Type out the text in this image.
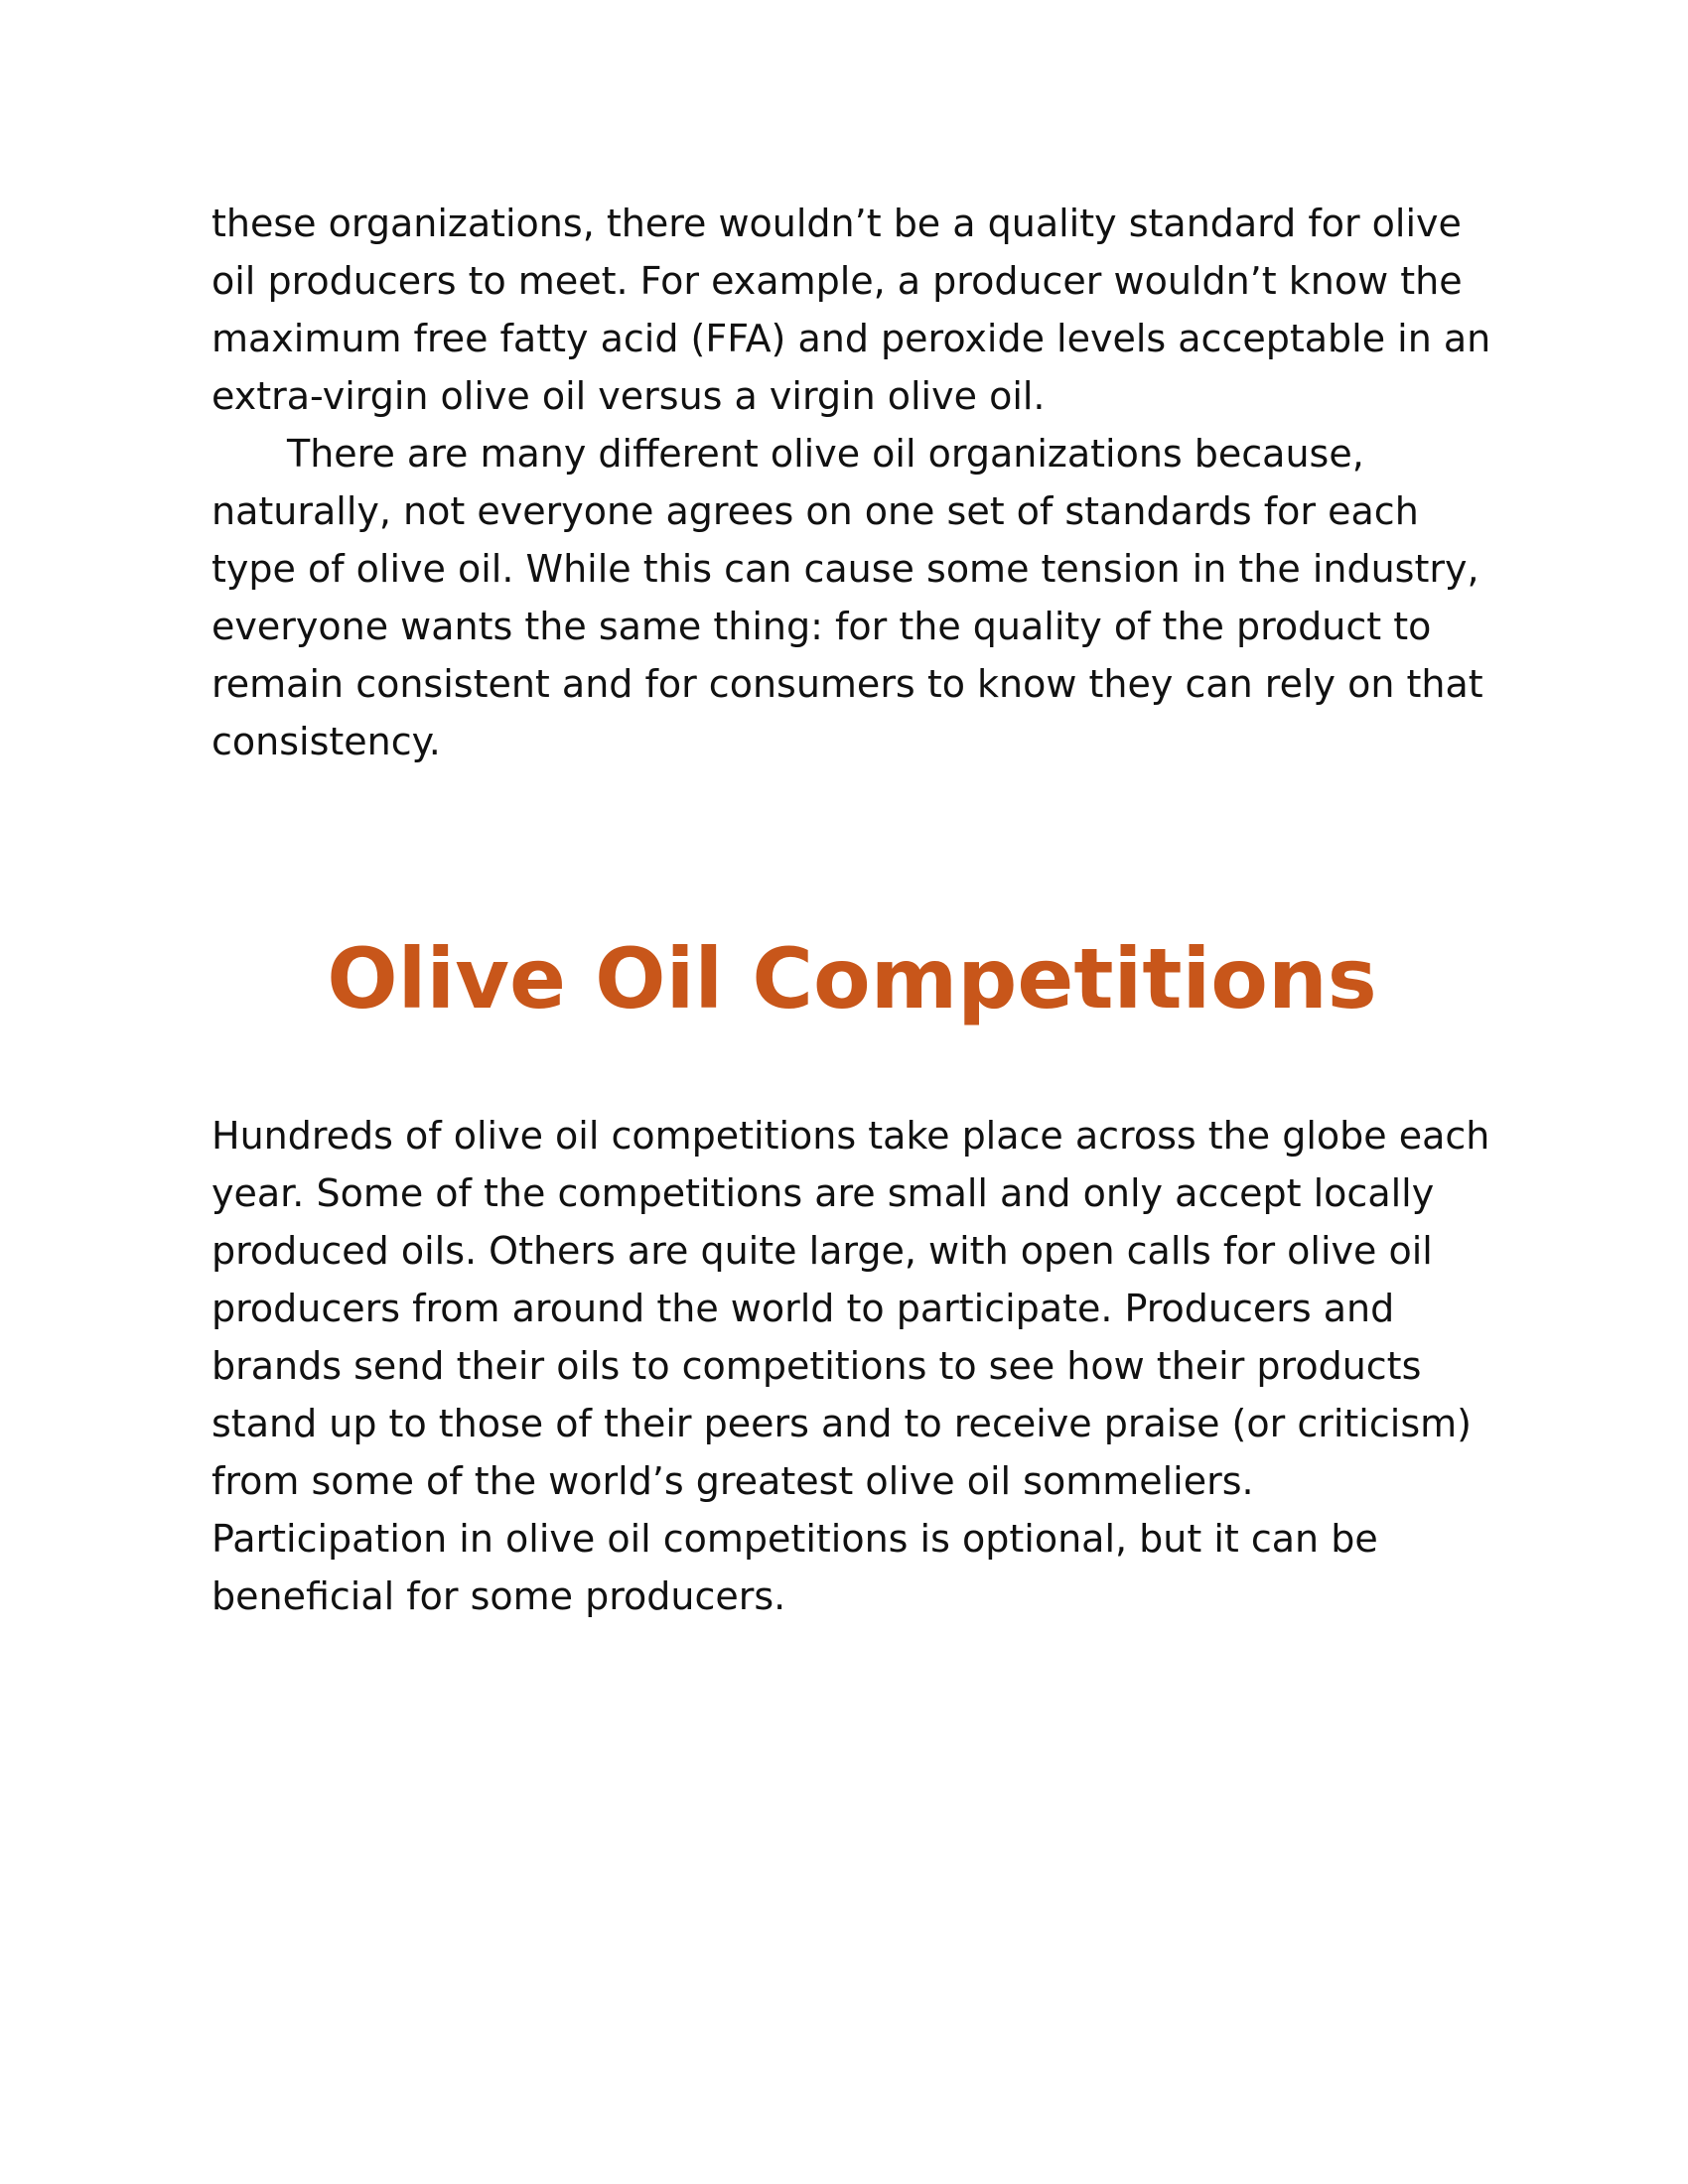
these organizations, there wouldn’t be a quality standard for olive oil producers to meet. For example, a producer wouldn’t know the maximum free fatty acid (FFA) and peroxide levels acceptable in an extra-virgin olive oil versus a virgin olive oil.

There are many different olive oil organizations because, naturally, not everyone agrees on one set of standards for each type of olive oil. While this can cause some tension in the industry, everyone wants the same thing: for the quality of the product to remain consistent and for consumers to know they can rely on that consistency.

Olive Oil Competitions

Hundreds of olive oil competitions take place across the globe each year. Some of the competitions are small and only accept locally produced oils. Others are quite large, with open calls for olive oil producers from around the world to participate. Producers and brands send their oils to competitions to see how their products stand up to those of their peers and to receive praise (or criticism) from some of the world’s greatest olive oil sommeliers. Participation in olive oil competitions is optional, but it can be beneficial for some producers.
